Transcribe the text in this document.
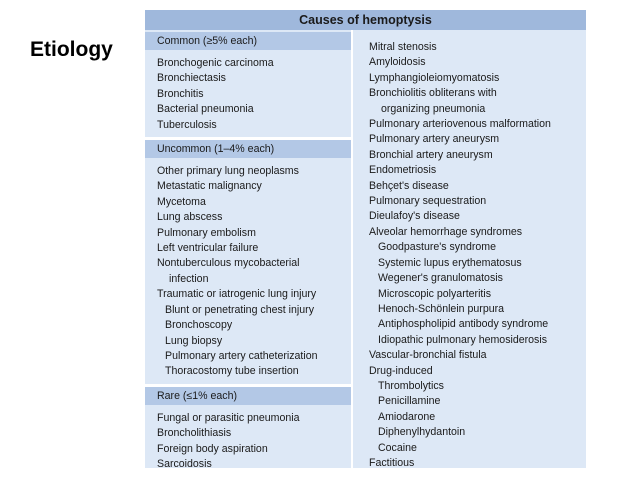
Etiology
Causes of hemoptysis
Common (≥5% each)
Bronchogenic carcinoma
Bronchiectasis
Bronchitis
Bacterial pneumonia
Tuberculosis
Uncommon (1–4% each)
Other primary lung neoplasms
Metastatic malignancy
Mycetoma
Lung abscess
Pulmonary embolism
Left ventricular failure
Nontuberculous mycobacterial
infection
Traumatic or iatrogenic lung injury
Blunt or penetrating chest injury
Bronchoscopy
Lung biopsy
Pulmonary artery catheterization
Thoracostomy tube insertion
Rare (≤1% each)
Fungal or parasitic pneumonia
Broncholithiasis
Foreign body aspiration
Sarcoidosis
Mitral stenosis
Amyloidosis
Lymphangioleiomyomatosis
Bronchiolitis obliterans with
organizing pneumonia
Pulmonary arteriovenous malformation
Pulmonary artery aneurysm
Bronchial artery aneurysm
Endometriosis
Behçet's disease
Pulmonary sequestration
Dieulafoy's disease
Alveolar hemorrhage syndromes
Goodpasture's syndrome
Systemic lupus erythematosus
Wegener's granulomatosis
Microscopic polyarteritis
Henoch-Schönlein purpura
Antiphospholipid antibody syndrome
Idiopathic pulmonary hemosiderosis
Vascular-bronchial fistula
Drug-induced
Thrombolytics
Penicillamine
Amiodarone
Diphenylhydantoin
Cocaine
Factitious
